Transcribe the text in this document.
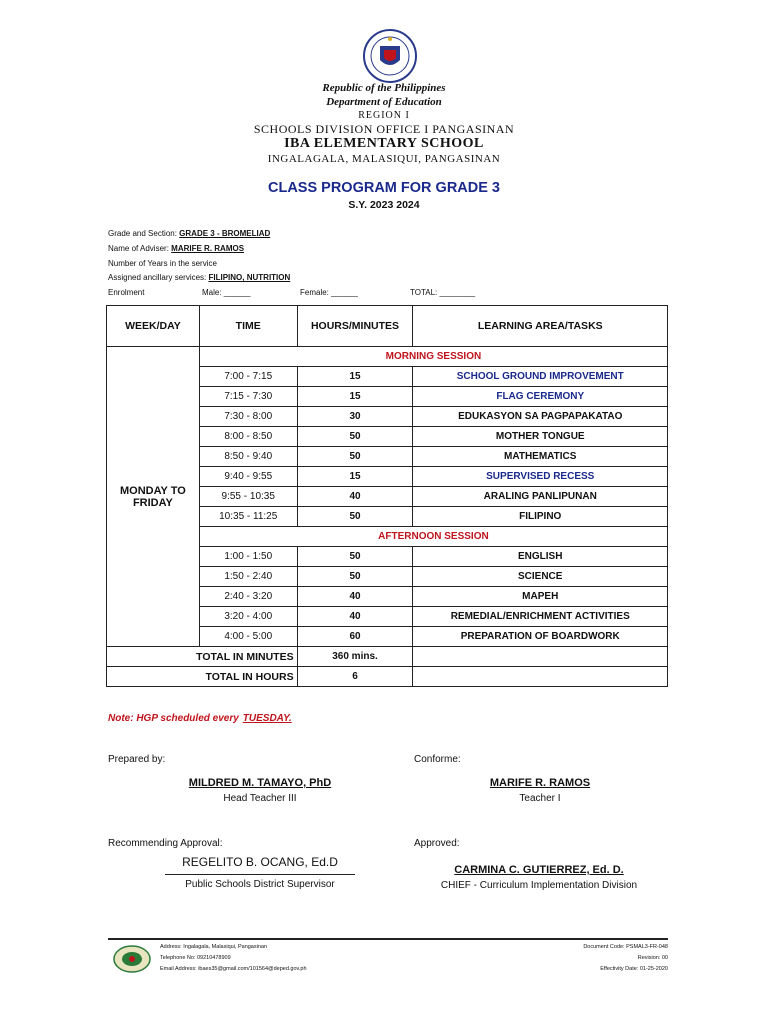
Republic of the Philippines
Department of Education
REGION I
SCHOOLS DIVISION OFFICE I PANGASINAN
IBA ELEMENTARY SCHOOL
INGALAGALA, MALASIQUI, PANGASINAN
CLASS PROGRAM FOR GRADE 3
S.Y. 2023 2024
Grade and Section: GRADE 3 - BROMELIAD
Name of Adviser: MARIFE R. RAMOS
Number of Years in the service
Assigned ancillary services: FILIPINO, NUTRITION
Enrolment	Male: ______	Female: ______	TOTAL: ________
WEEK/DAY	TIME	HOURS/MINUTES	LEARNING AREA/TASKS
MONDAY TO FRIDAY	MORNING SESSION		
	7:00 - 7:15	15	SCHOOL GROUND IMPROVEMENT
	7:15 - 7:30	15	FLAG CEREMONY
	7:30 - 8:00	30	EDUKASYON SA PAGPAPAKATAO
	8:00 - 8:50	50	MOTHER TONGUE
	8:50 - 9:40	50	MATHEMATICS
	9:40 - 9:55	15	SUPERVISED RECESS
	9:55 - 10:35	40	ARALING PANLIPUNAN
	10:35 - 11:25	50	FILIPINO
	AFTERNOON SESSION		
	1:00 - 1:50	50	ENGLISH
	1:50 - 2:40	50	SCIENCE
	2:40 - 3:20	40	MAPEH
	3:20 - 4:00	40	REMEDIAL/ENRICHMENT ACTIVITIES
	4:00 - 5:00	60	PREPARATION OF BOARDWORK
TOTAL IN MINUTES		360 mins.	
TOTAL IN HOURS		6	
Note: HGP scheduled every TUESDAY.
Prepared by:
MILDRED M. TAMAYO, PhD
Head Teacher III
Conforme:
MARIFE R. RAMOS
Teacher I
Recommending Approval:
REGELITO B. OCANG, Ed.D
Public Schools District Supervisor
Approved:
CARMINA C. GUTIERREZ, Ed. D.
CHIEF - Curriculum Implementation Division
Address: Ingalagala, Malasiqui, Pangasinan
Telephone No: 09210478909
Email Address: ibaes35@gmail.com/101564@deped.gov.ph
Document Code: PSMAL3-FR-048
Revision: 00
Effectivity Date: 01-25-2020
